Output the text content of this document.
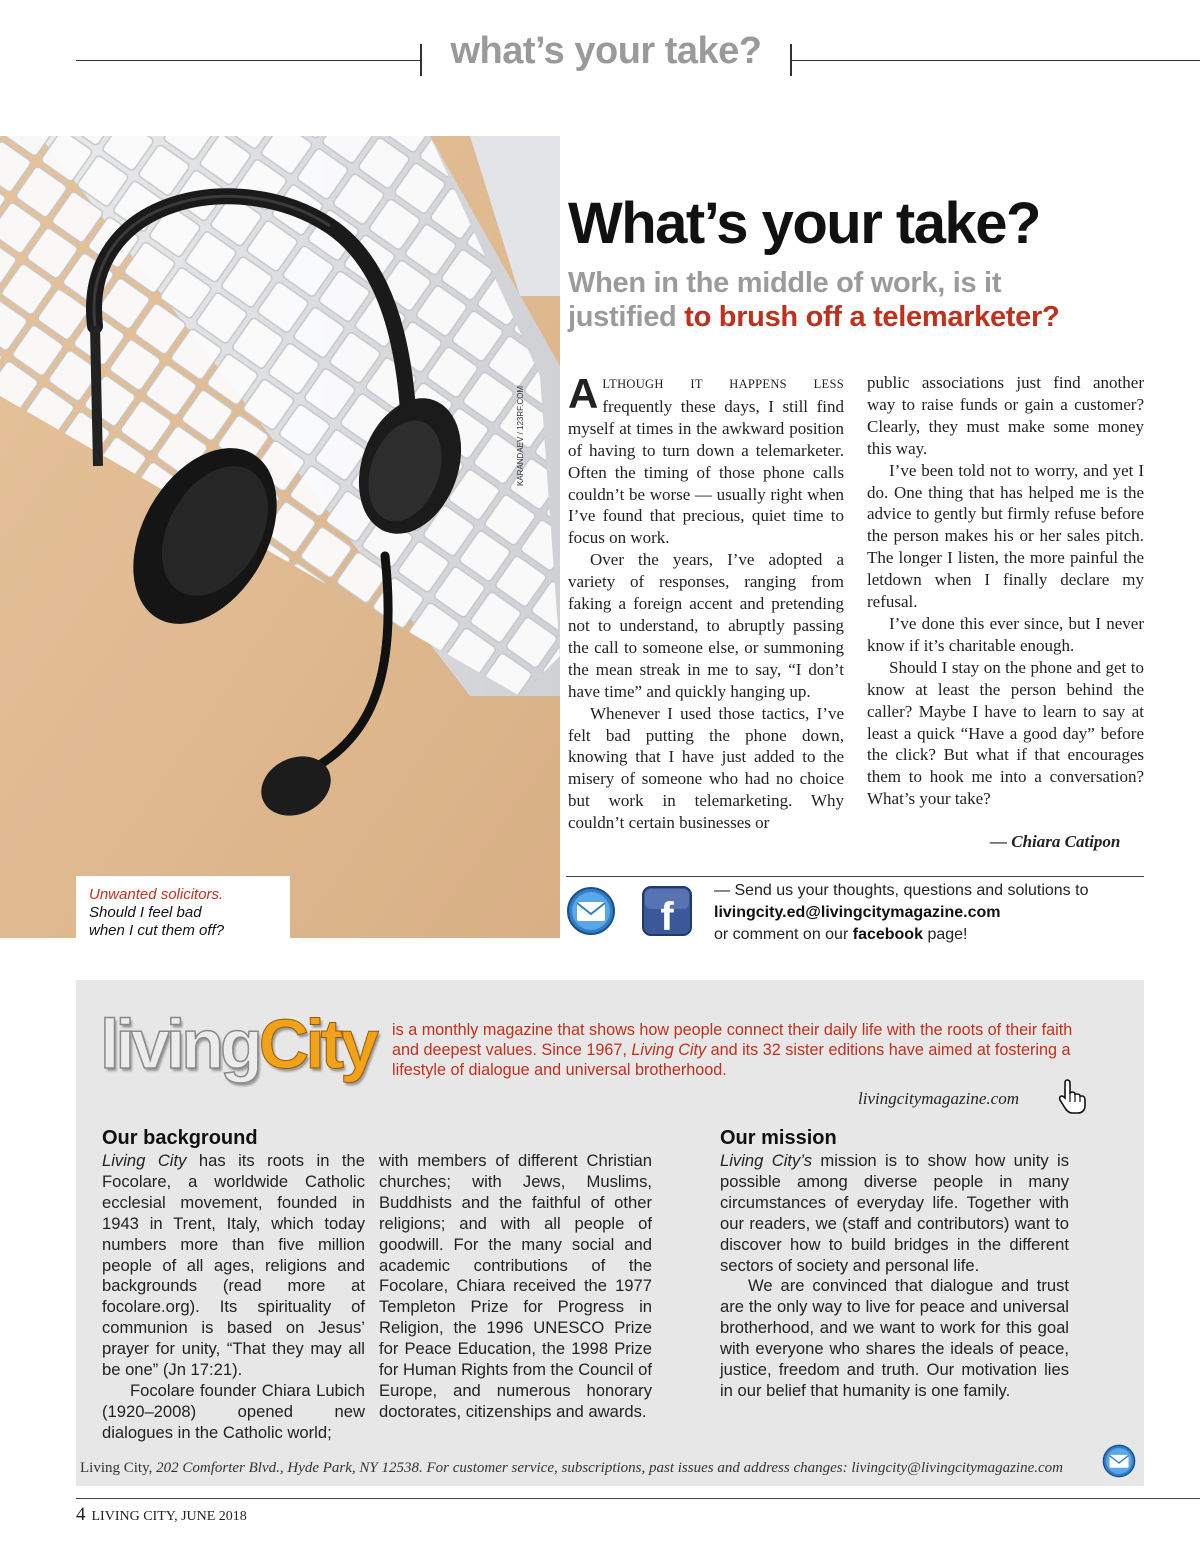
what’s your take?
KARANDAEV / 123RF.COM
Unwanted solicitors.
Should I feel bad
when I cut them off?
What’s your take?
When in the middle of work, is it
justified to brush off a telemarketer?

ALTHOUGH IT HAPPENS LESS frequently these days, I still find myself at times in the awkward position of having to turn down a telemarketer. Often the timing of those phone calls couldn’t be worse — usually right when I’ve found that precious, quiet time to focus on work.

Over the years, I’ve adopted a variety of responses, ranging from faking a foreign accent and pretending not to understand, to abruptly passing the call to someone else, or summoning the mean streak in me to say, “I don’t have time” and quickly hanging up.

Whenever I used those tactics, I’ve felt bad putting the phone down, knowing that I have just added to the misery of someone who had no choice but work in telemarketing. Why couldn’t certain businesses or

public associations just find another way to raise funds or gain a customer? Clearly, they must make some money this way.

I’ve been told not to worry, and yet I do. One thing that has helped me is the advice to gently but firmly refuse before the person makes his or her sales pitch. The longer I listen, the more painful the letdown when I finally declare my refusal.

I’ve done this ever since, but I never know if it’s charitable enough.

Should I stay on the phone and get to know at least the person behind the caller? Maybe I have to learn to say at least a quick “Have a good day” before the click? But what if that encourages them to hook me into a conversation? What’s your take?

— Chiara Catipon
f
— Send us your thoughts, questions and solutions to
livingcity.ed@livingcitymagazine.com
or comment on our facebook page!
livingCity is a monthly magazine that shows how people connect their daily life with the roots of their faith and deepest values. Since 1967, Living City and its 32 sister editions have aimed at fostering a lifestyle of dialogue and universal brotherhood.
livingcitymagazine.com
Our background

Living City has its roots in the Focolare, a worldwide Catholic ecclesial movement, founded in 1943 in Trent, Italy, which today numbers more than five million people of all ages, religions and backgrounds (read more at focolare.org). Its spirituality of communion is based on Jesus’ prayer for unity, “That they may all be one” (Jn 17:21).

Focolare founder Chiara Lubich (1920–2008) opened new dialogues in the Catholic world;

with members of different Christian churches; with Jews, Muslims, Buddhists and the faithful of other religions; and with all people of goodwill. For the many social and academic contributions of the Focolare, Chiara received the 1977 Templeton Prize for Progress in Religion, the 1996 UNESCO Prize for Peace Education, the 1998 Prize for Human Rights from the Council of Europe, and numerous honorary doctorates, citizenships and awards.

Our mission

Living City’s mission is to show how unity is possible among diverse people in many circumstances of everyday life. Together with our readers, we (staff and contributors) want to discover how to build bridges in the different sectors of society and personal life.

We are convinced that dialogue and trust are the only way to live for peace and universal brotherhood, and we want to work for this goal with everyone who shares the ideals of peace, justice, freedom and truth. Our motivation lies in our belief that humanity is one family.

Living City, 202 Comforter Blvd., Hyde Park, NY 12538. For customer service, subscriptions, past issues and address changes: livingcity@livingcitymagazine.com
4 LIVING CITY, JUNE 2018
